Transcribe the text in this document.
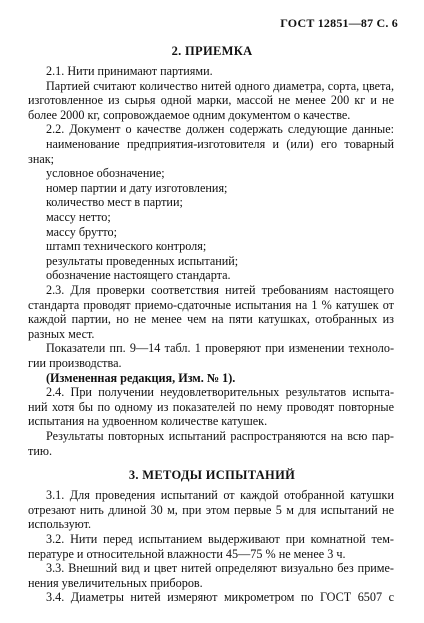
ГОСТ 12851—87 С. 6
2. ПРИЕМКА
2.1. Нити принимают партиями.
Партией считают количество нитей одного диаметра, сорта, цвета,
изготовленное из сырья одной марки, массой не менее 200 кг и не
более 2000 кг, сопровождаемое одним документом о качестве.
2.2. Документ о качестве должен содержать следующие данные:
наименование предприятия-изготовителя и (или) его товарный
знак;
условное обозначение;
номер партии и дату изготовления;
количество мест в партии;
массу нетто;
массу брутто;
штамп технического контроля;
результаты проведенных испытаний;
обозначение настоящего стандарта.
2.3. Для проверки соответствия нитей требованиям настоящего
стандарта проводят приемо-сдаточные испытания на 1 % катушек от
каждой партии, но не менее чем на пяти катушках, отобранных из
разных мест.
Показатели пп. 9—14 табл. 1 проверяют при изменении техноло-
гии производства.
(Измененная редакция, Изм. № 1).
2.4. При получении неудовлетворительных результатов испыта-
ний хотя бы по одному из показателей по нему проводят повторные
испытания на удвоенном количестве катушек.
Результаты повторных испытаний распространяются на всю пар-
тию.
3. МЕТОДЫ ИСПЫТАНИЙ
3.1. Для проведения испытаний от каждой отобранной катушки
отрезают нить длиной 30 м, при этом первые 5 м для испытаний не
используют.
3.2. Нити перед испытанием выдерживают при комнатной тем-
пературе и относительной влажности 45—75 % не менее 3 ч.
3.3. Внешний вид и цвет нитей определяют визуально без приме-
нения увеличительных приборов.
3.4. Диаметры нитей измеряют микрометром по ГОСТ 6507 с
